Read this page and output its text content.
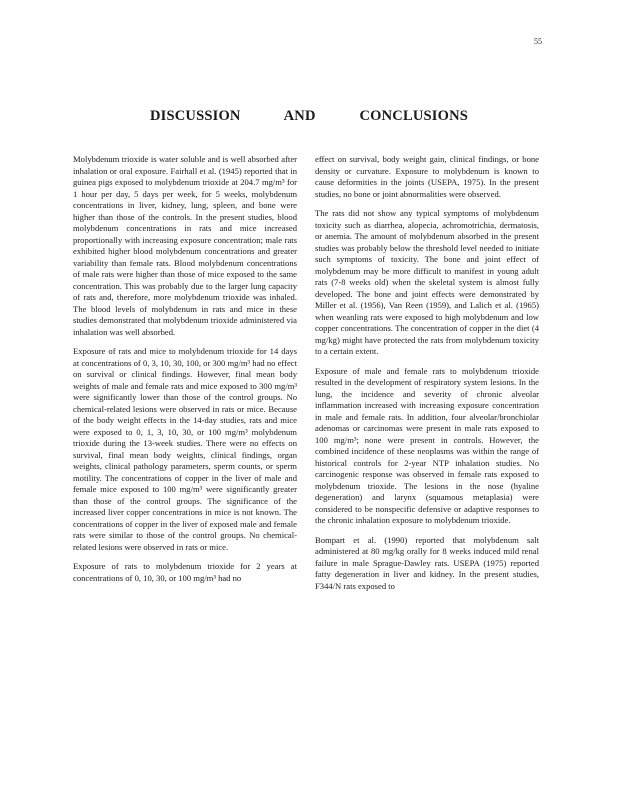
55
DISCUSSION AND CONCLUSIONS

Molybdenum trioxide is water soluble and is well absorbed after inhalation or oral exposure. Fairhall et al. (1945) reported that in guinea pigs exposed to molybdenum trioxide at 204.7 mg/m³ for 1 hour per day, 5 days per week, for 5 weeks, molybdenum concentrations in liver, kidney, lung, spleen, and bone were higher than those of the controls. In the present studies, blood molybdenum concentrations in rats and mice increased proportionally with increasing exposure concentration; male rats exhibited higher blood molybdenum concentrations and greater variability than female rats. Blood molybdenum concentrations of male rats were higher than those of mice exposed to the same concentration. This was probably due to the larger lung capacity of rats and, therefore, more molybdenum trioxide was inhaled. The blood levels of molybdenum in rats and mice in these studies demonstrated that molybdenum trioxide administered via inhalation was well absorbed.

Exposure of rats and mice to molybdenum trioxide for 14 days at concentrations of 0, 3, 10, 30, 100, or 300 mg/m³ had no effect on survival or clinical findings. However, final mean body weights of male and female rats and mice exposed to 300 mg/m³ were significantly lower than those of the control groups. No chemical-related lesions were observed in rats or mice. Because of the body weight effects in the 14-day studies, rats and mice were exposed to 0, 1, 3, 10, 30, or 100 mg/m³ molybdenum trioxide during the 13-week studies. There were no effects on survival, final mean body weights, clinical findings, organ weights, clinical pathology parameters, sperm counts, or sperm motility. The concentrations of copper in the liver of male and female mice exposed to 100 mg/m³ were significantly greater than those of the control groups. The significance of the increased liver copper concentrations in mice is not known. The concentrations of copper in the liver of exposed male and female rats were similar to those of the control groups. No chemical-related lesions were observed in rats or mice.

Exposure of rats to molybdenum trioxide for 2 years at concentrations of 0, 10, 30, or 100 mg/m³ had no

effect on survival, body weight gain, clinical findings, or bone density or curvature. Exposure to molybdenum is known to cause deformities in the joints (USEPA, 1975). In the present studies, no bone or joint abnormalities were observed.

The rats did not show any typical symptoms of molybdenum toxicity such as diarrhea, alopecia, achromotrichia, dermatosis, or anemia. The amount of molybdenum absorbed in the present studies was probably below the threshold level needed to initiate such symptoms of toxicity. The bone and joint effect of molybdenum may be more difficult to manifest in young adult rats (7-8 weeks old) when the skeletal system is almost fully developed. The bone and joint effects were demonstrated by Miller et al. (1956), Van Reen (1959), and Lalich et al. (1965) when weanling rats were exposed to high molybdenum and low copper concentrations. The concentration of copper in the diet (4 mg/kg) might have protected the rats from molybdenum toxicity to a certain extent.

Exposure of male and female rats to molybdenum trioxide resulted in the development of respiratory system lesions. In the lung, the incidence and severity of chronic alveolar inflammation increased with increasing exposure concentration in male and female rats. In addition, four alveolar/bronchiolar adenomas or carcinomas were present in male rats exposed to 100 mg/m³; none were present in controls. However, the combined incidence of these neoplasms was within the range of historical controls for 2-year NTP inhalation studies. No carcinogenic response was observed in female rats exposed to molybdenum trioxide. The lesions in the nose (hyaline degeneration) and larynx (squamous metaplasia) were considered to be nonspecific defensive or adaptive responses to the chronic inhalation exposure to molybdenum trioxide.

Bompart et al. (1990) reported that molybdenum salt administered at 80 mg/kg orally for 8 weeks induced mild renal failure in male Sprague-Dawley rats. USEPA (1975) reported fatty degeneration in liver and kidney. In the present studies, F344/N rats exposed to
